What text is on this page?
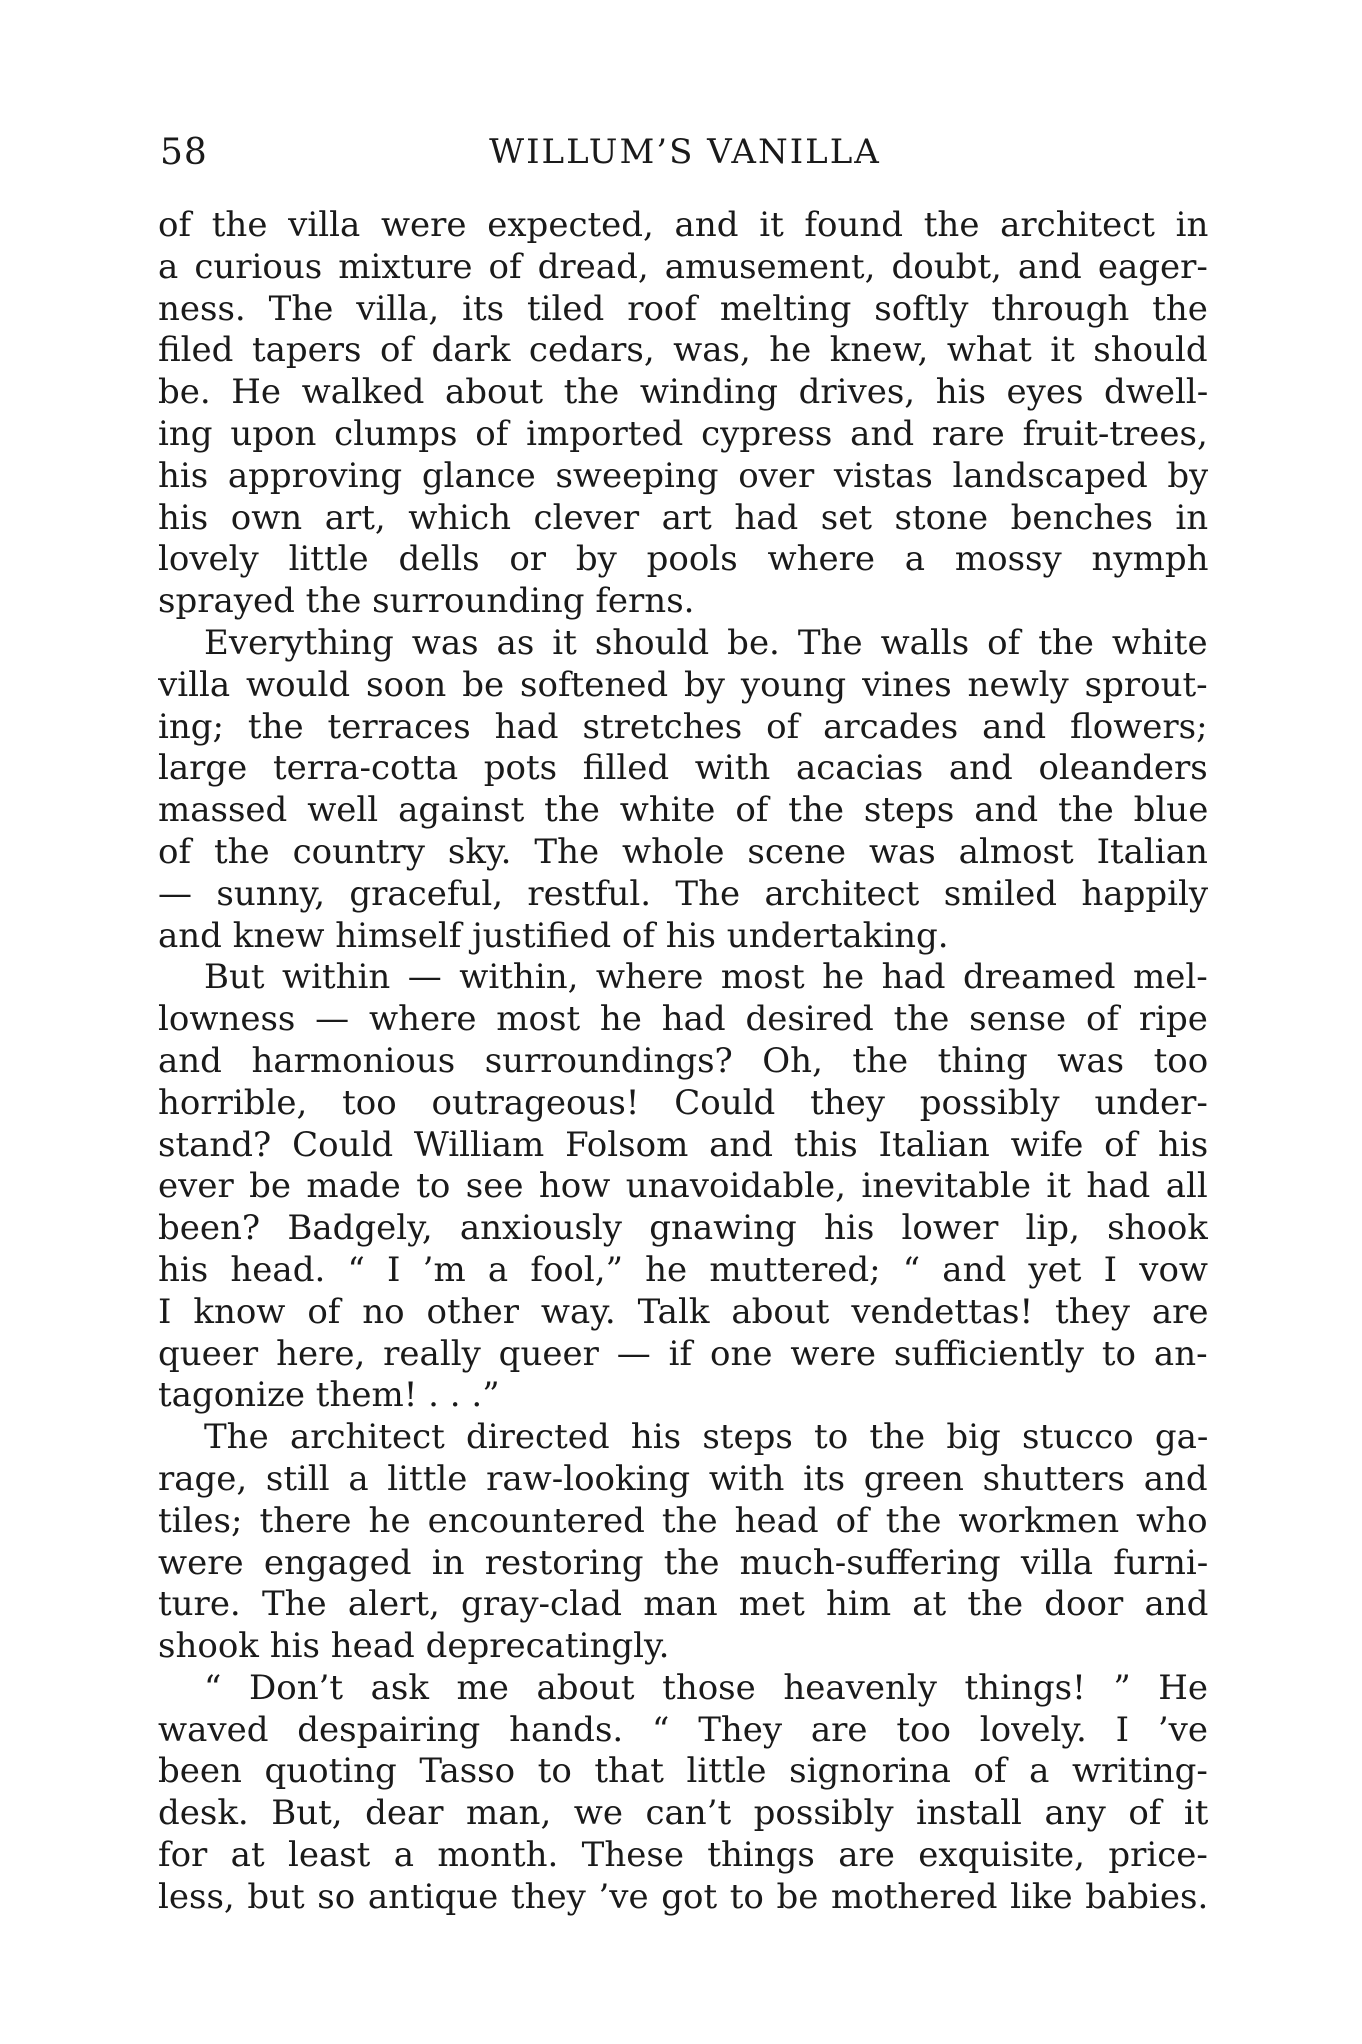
58	WILLUM’S VANILLA
of the villa were expected, and it found the architect in
a curious mixture of dread, amusement, doubt, and eager-
ness. The villa, its tiled roof melting softly through the
filed tapers of dark cedars, was, he knew, what it should
be. He walked about the winding drives, his eyes dwell-
ing upon clumps of imported cypress and rare fruit-trees,
his approving glance sweeping over vistas landscaped by
his own art, which clever art had set stone benches in
lovely little dells or by pools where a mossy nymph
sprayed the surrounding ferns.
Everything was as it should be. The walls of the white
villa would soon be softened by young vines newly sprout-
ing; the terraces had stretches of arcades and flowers;
large terra-cotta pots filled with acacias and oleanders
massed well against the white of the steps and the blue
of the country sky. The whole scene was almost Italian
— sunny, graceful, restful. The architect smiled happily
and knew himself justified of his undertaking.
But within — within, where most he had dreamed mel-
lowness — where most he had desired the sense of ripe
and harmonious surroundings? Oh, the thing was too
horrible, too outrageous! Could they possibly under-
stand? Could William Folsom and this Italian wife of his
ever be made to see how unavoidable, inevitable it had all
been? Badgely, anxiously gnawing his lower lip, shook
his head. “ I ’m a fool,” he muttered; “ and yet I vow
I know of no other way. Talk about vendettas! they are
queer here, really queer — if one were sufficiently to an-
tagonize them! . . .”
The architect directed his steps to the big stucco ga-
rage, still a little raw-looking with its green shutters and
tiles; there he encountered the head of the workmen who
were engaged in restoring the much-suffering villa furni-
ture. The alert, gray-clad man met him at the door and
shook his head deprecatingly.
“ Don’t ask me about those heavenly things! ” He
waved despairing hands. “ They are too lovely. I ’ve
been quoting Tasso to that little signorina of a writing-
desk. But, dear man, we can’t possibly install any of it
for at least a month. These things are exquisite, price-
less, but so antique they ’ve got to be mothered like babies.
